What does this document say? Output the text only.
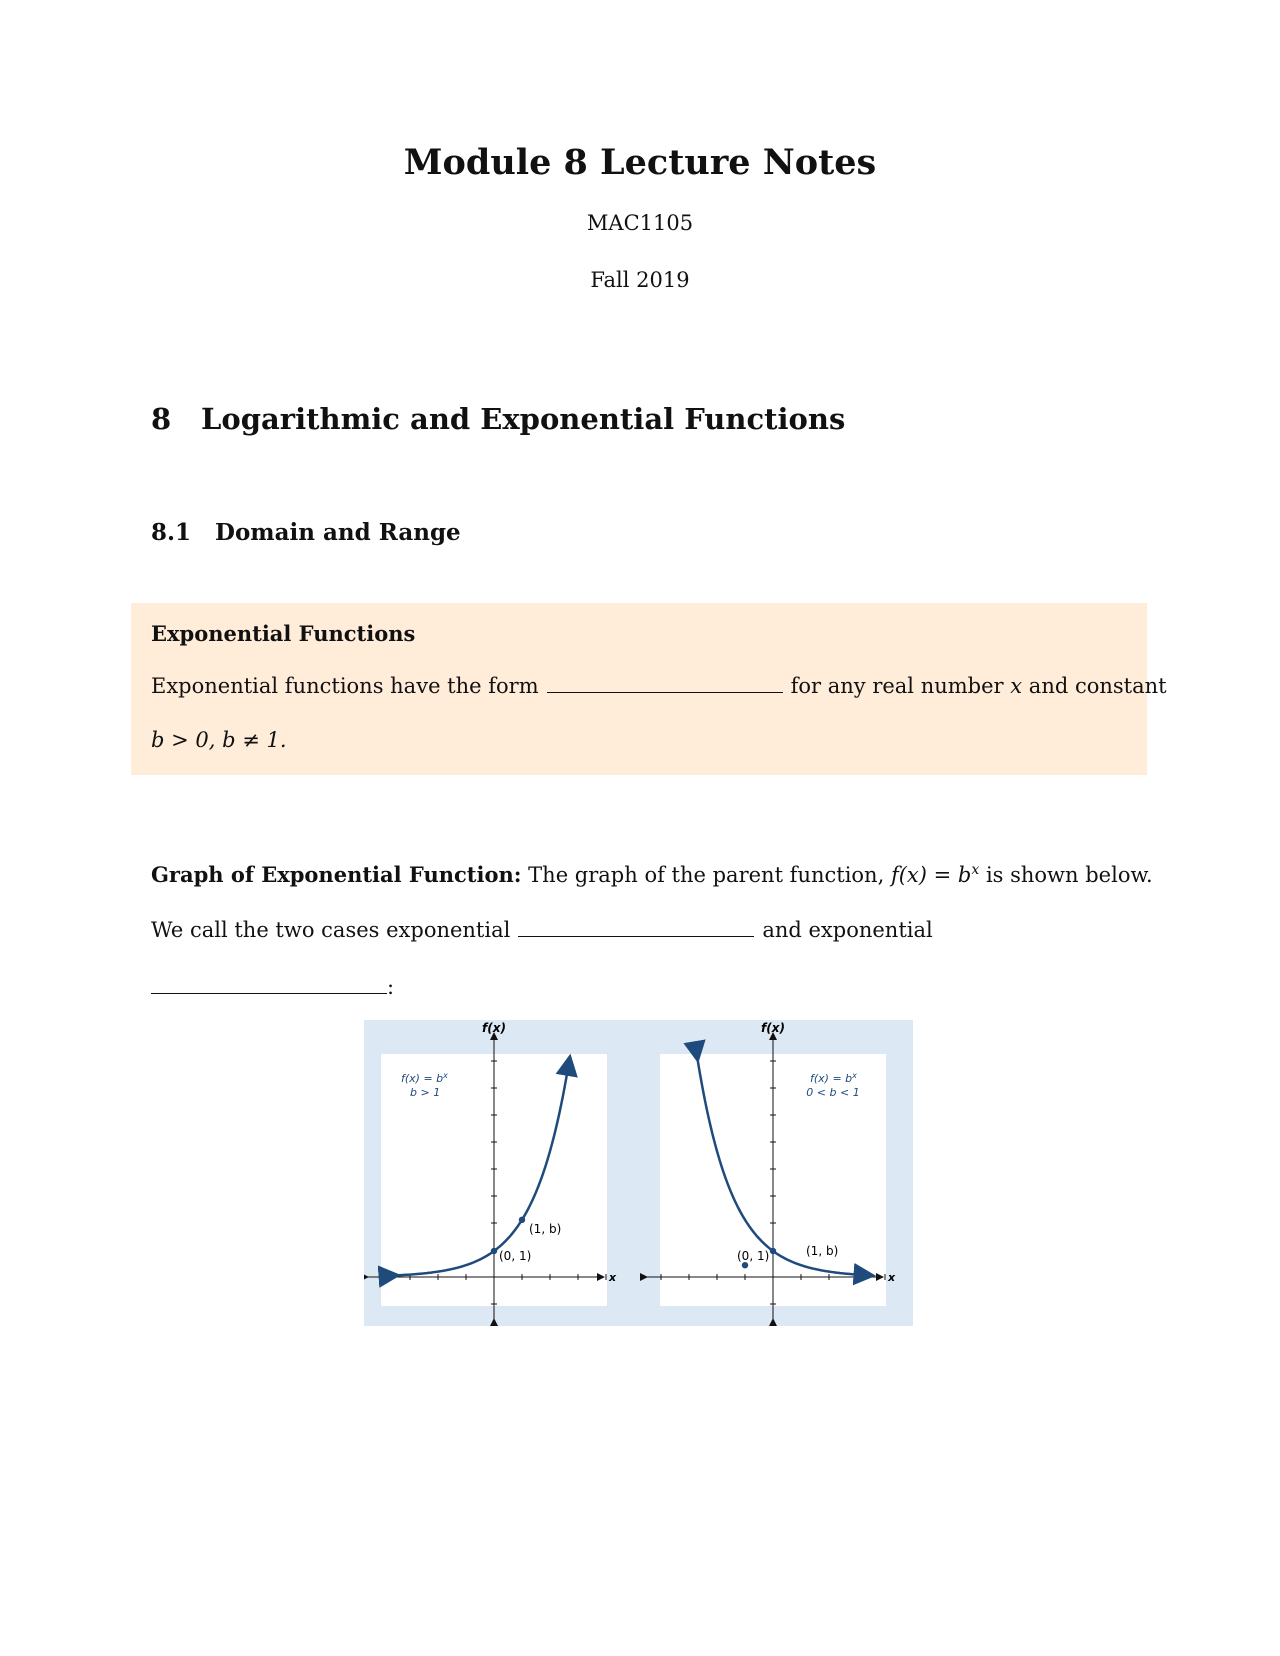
Module 8 Lecture Notes
MAC1105
Fall 2019
8 Logarithmic and Exponential Functions
8.1 Domain and Range
Exponential Functions
Exponential functions have the form	for any real number x and constant
b > 0, b ≠ 1.
Graph of Exponential Function: The graph of the parent function, $f(x) = b^x$ is shown below.
We call the two cases exponential	and exponential
:
f(x)
x
$f(x) = b^x$
b > 1
(0, 1)
(1, b)
f(x)
x
$f(x) = b^x$
0 < b < 1
(0, 1)	(1, b)
